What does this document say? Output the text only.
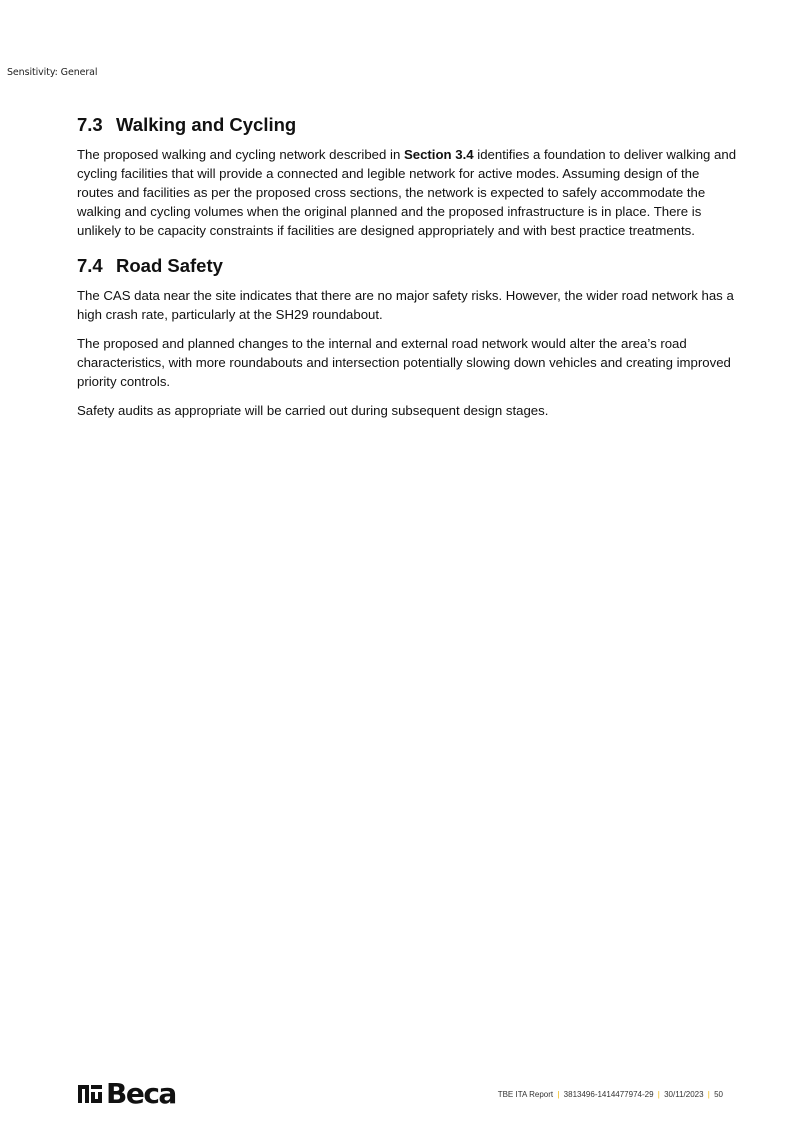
Sensitivity: General
7.3 Walking and Cycling

The proposed walking and cycling network described in Section 3.4 identifies a foundation to deliver walking and cycling facilities that will provide a connected and legible network for active modes. Assuming design of the routes and facilities as per the proposed cross sections, the network is expected to safely accommodate the walking and cycling volumes when the original planned and the proposed infrastructure is in place. There is unlikely to be capacity constraints if facilities are designed appropriately and with best practice treatments.

7.4 Road Safety

The CAS data near the site indicates that there are no major safety risks. However, the wider road network has a high crash rate, particularly at the SH29 roundabout.

The proposed and planned changes to the internal and external road network would alter the area’s road characteristics, with more roundabouts and intersection potentially slowing down vehicles and creating improved priority controls.

Safety audits as appropriate will be carried out during subsequent design stages.

Beca	TBE ITA Report | 3813496-1414477974-29 | 30/11/2023 | 50
